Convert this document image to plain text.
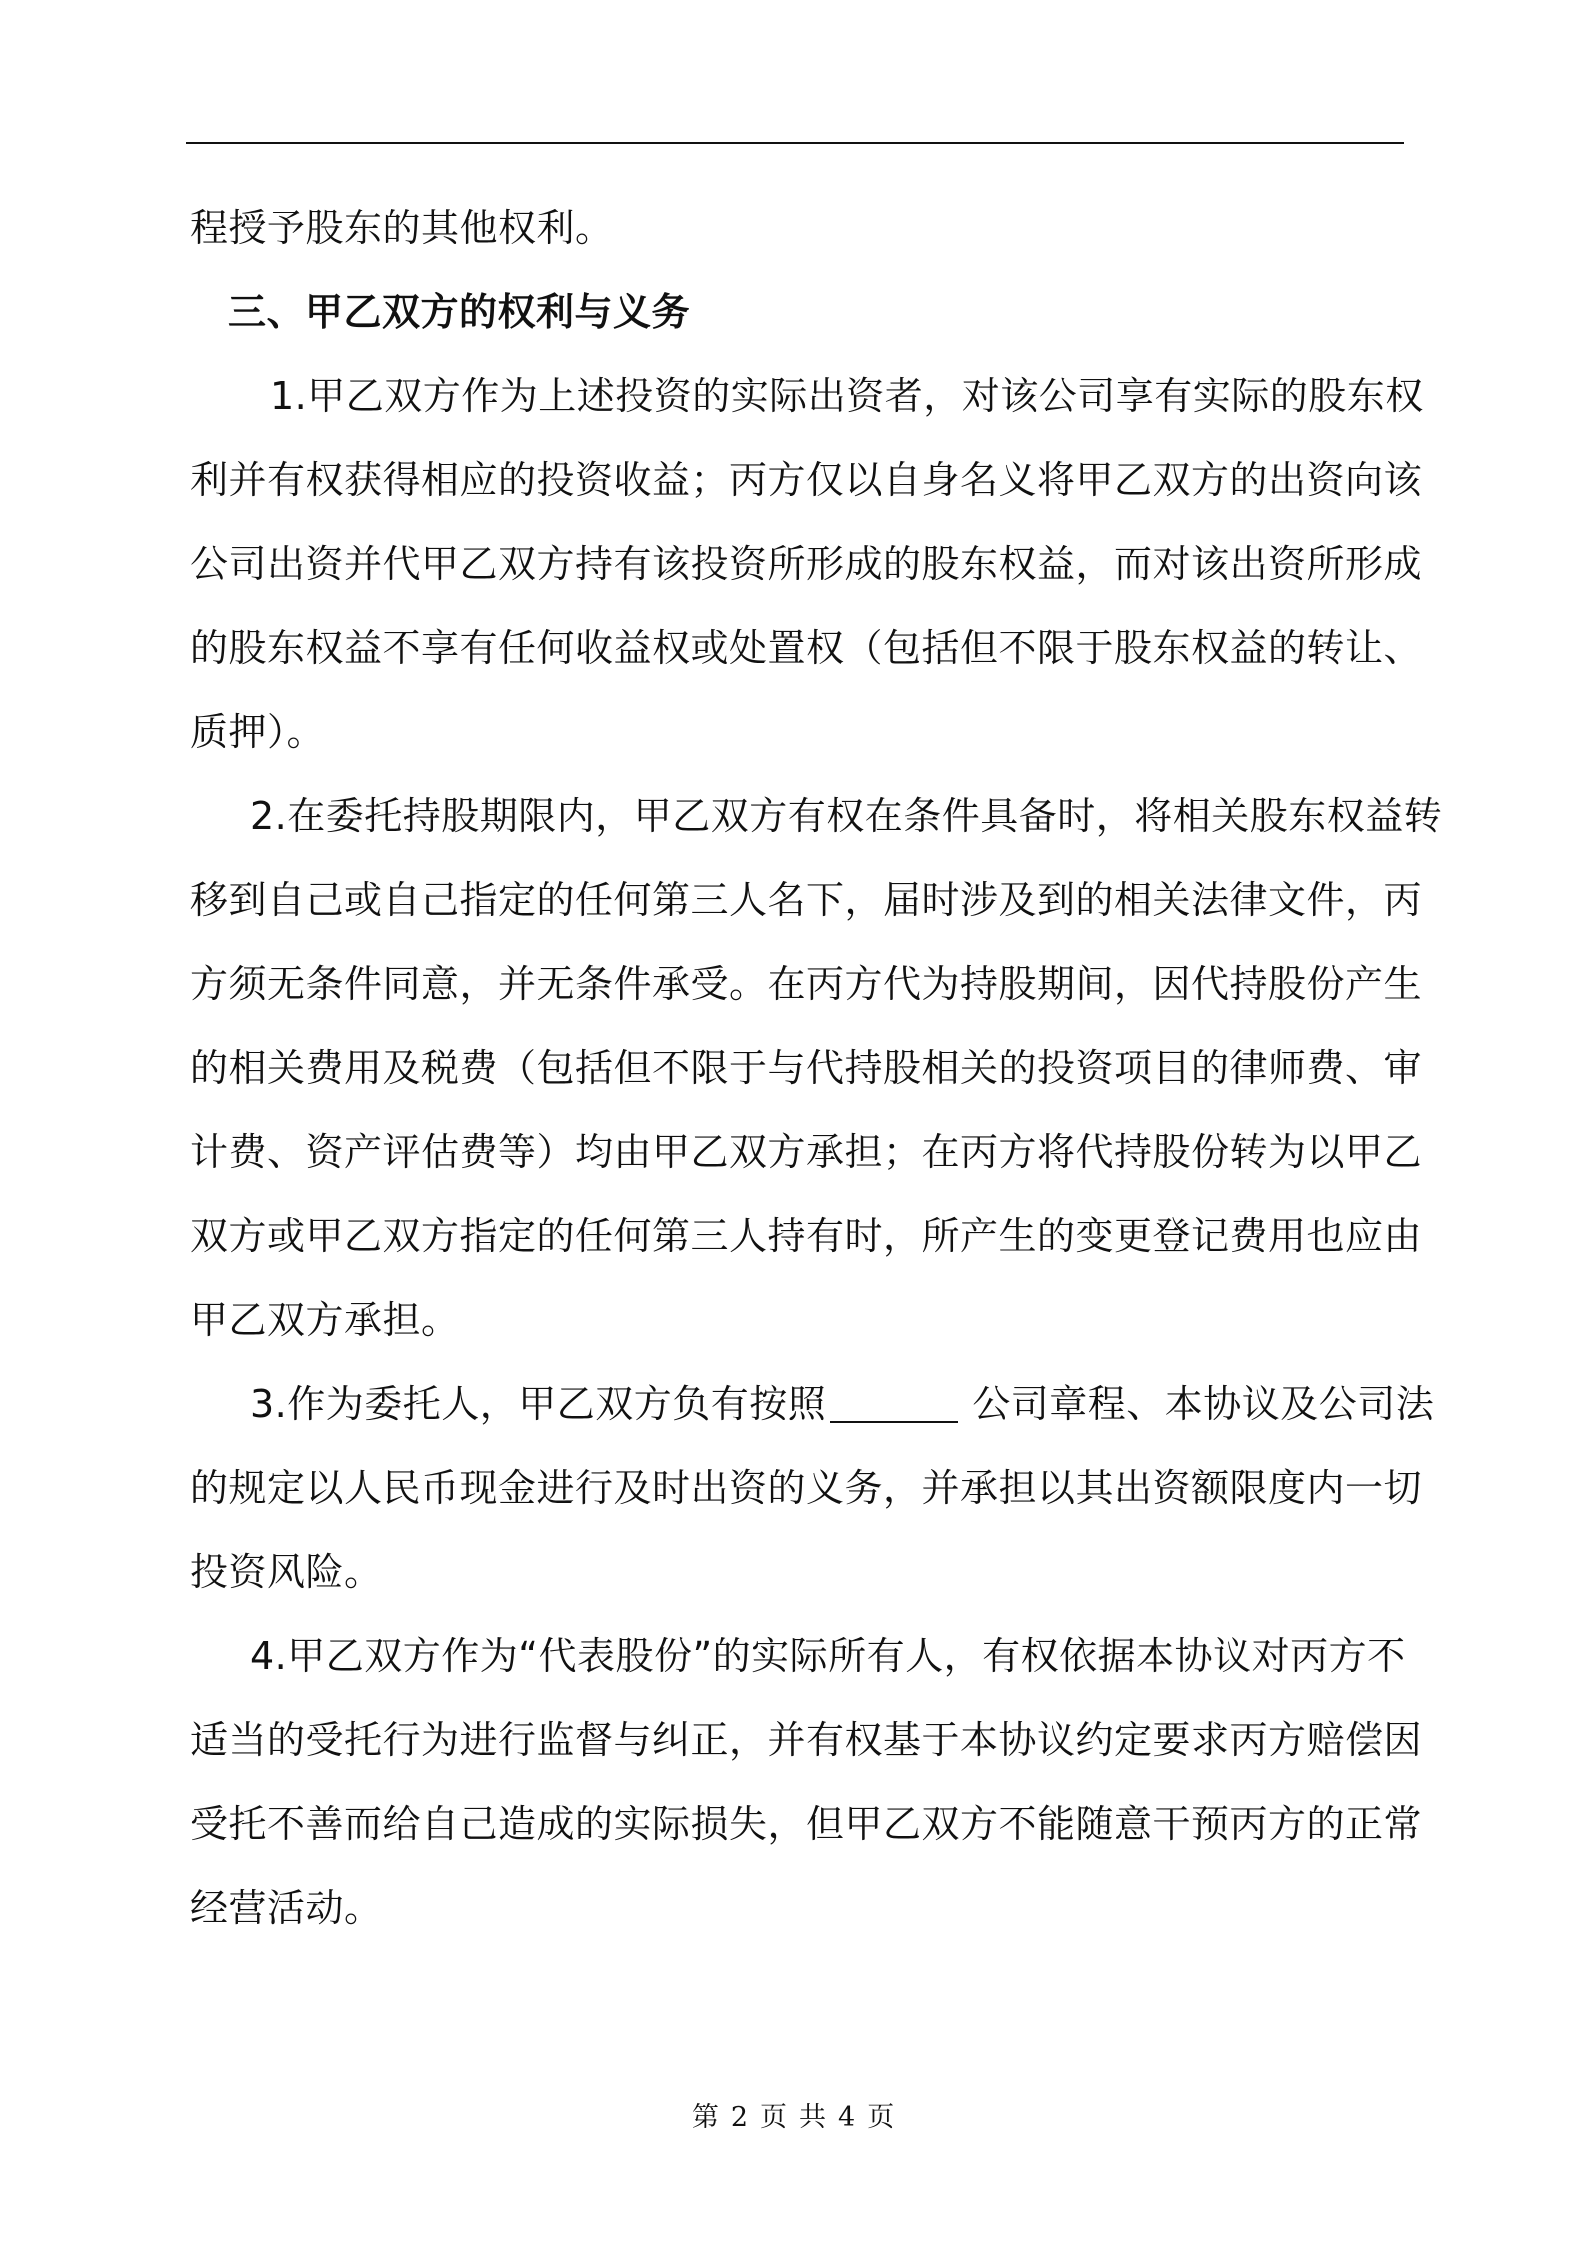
程授予股东的其他权利。

三、甲乙双方的权利与义务

1.甲乙双方作为上述投资的实际出资者，对该公司享有实际的股东权
利并有权获得相应的投资收益；丙方仅以自身名义将甲乙双方的出资向该
公司出资并代甲乙双方持有该投资所形成的股东权益，而对该出资所形成
的股东权益不享有任何收益权或处置权（包括但不限于股东权益的转让、
质押）。

2.在委托持股期限内，甲乙双方有权在条件具备时，将相关股东权益转
移到自己或自己指定的任何第三人名下，届时涉及到的相关法律文件，丙
方须无条件同意，并无条件承受。在丙方代为持股期间，因代持股份产生
的相关费用及税费（包括但不限于与代持股相关的投资项目的律师费、审
计费、资产评估费等）均由甲乙双方承担；在丙方将代持股份转为以甲乙
双方或甲乙双方指定的任何第三人持有时，所产生的变更登记费用也应由
甲乙双方承担。

3.作为委托人，甲乙双方负有按照	公司章程、本协议及公司法
的规定以人民币现金进行及时出资的义务，并承担以其出资额限度内一切
投资风险。

4.甲乙双方作为“代表股份”的实际所有人，有权依据本协议对丙方不
适当的受托行为进行监督与纠正，并有权基于本协议约定要求丙方赔偿因
受托不善而给自己造成的实际损失，但甲乙双方不能随意干预丙方的正常
经营活动。

第 2 页 共 4 页
